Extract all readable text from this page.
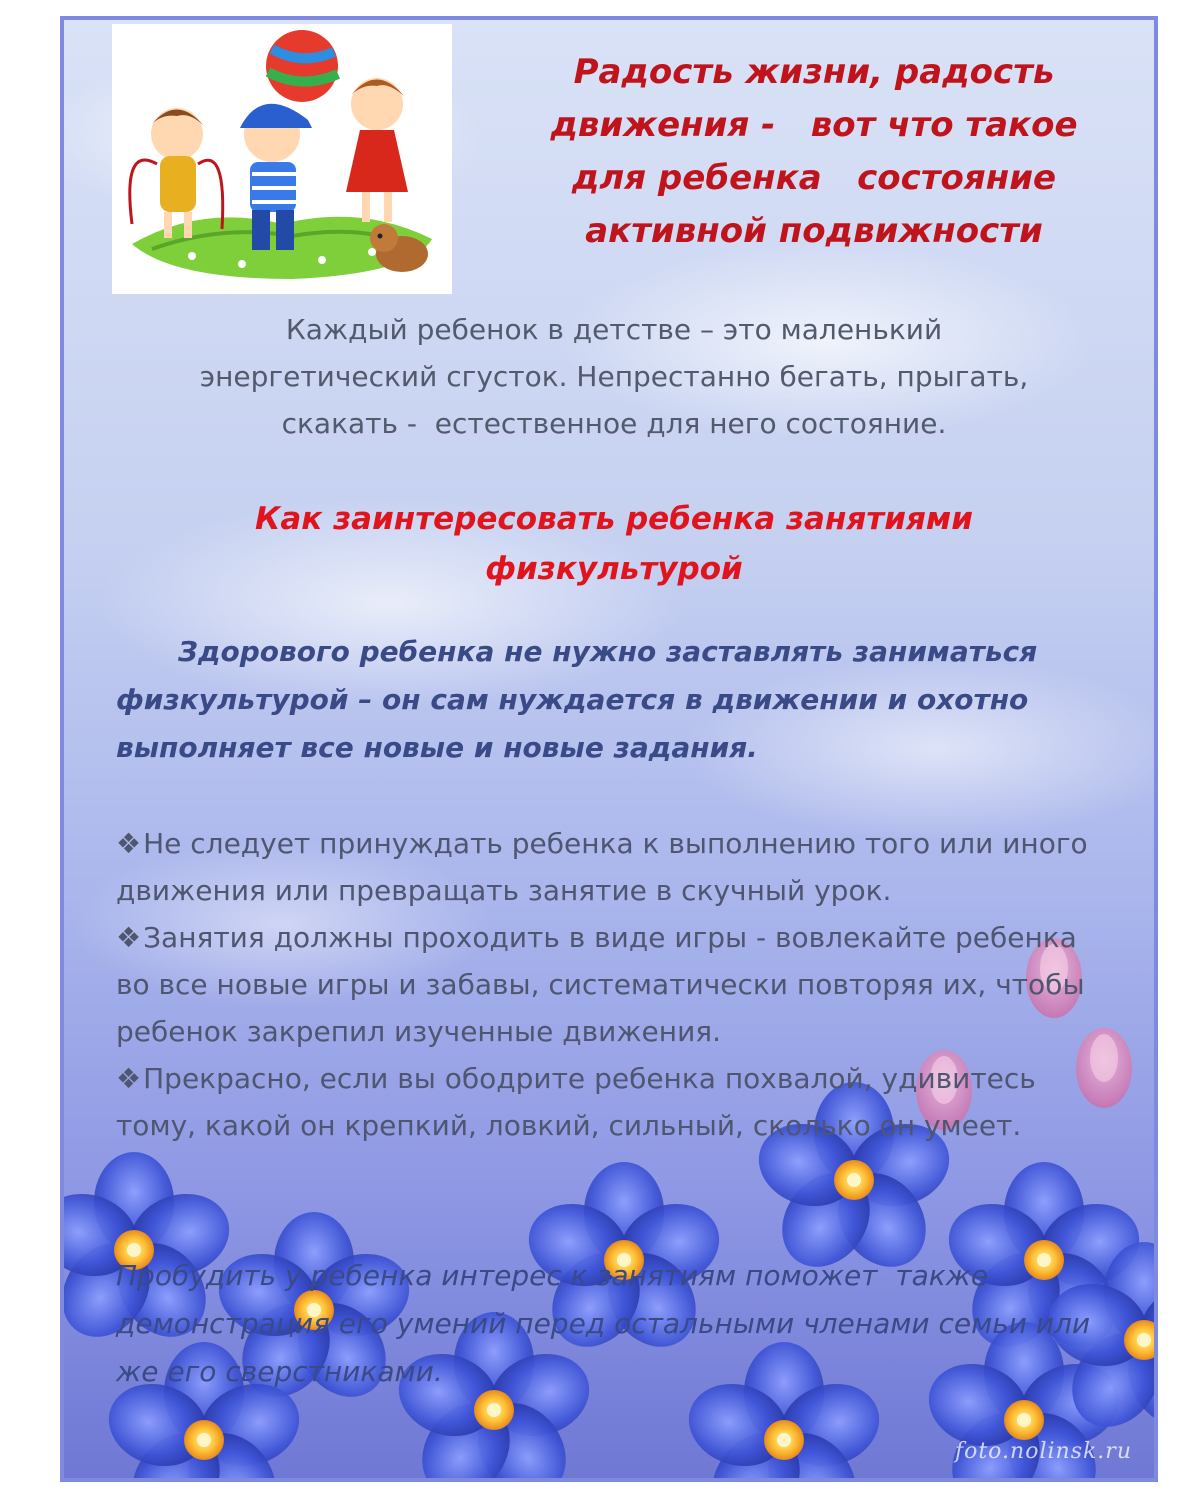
Радость жизни, радость
движения -   вот что такое
для ребенка   состояние
активной подвижности

Каждый ребенок в детстве – это маленький
энергетический сгусток. Непрестанно бегать, прыгать,
скакать -  естественное для него состояние.

Как заинтересовать ребенка занятиями
физкультурой

Здорового ребенка не нужно заставлять заниматься физкультурой – он сам нуждается в движении и охотно выполняет все новые и новые задания.

❖Не следует принуждать ребенка к выполнению того или иного движения или превращать занятие в скучный урок.
❖Занятия должны проходить в виде игры - вовлекайте ребенка во все новые игры и забавы, систематически повторяя их, чтобы ребенок закрепил изученные движения.
❖Прекрасно, если вы ободрите ребенка похвалой, удивитесь тому, какой он крепкий, ловкий, сильный, сколько он умеет.

Пробудить у ребенка интерес к занятиям поможет  также демонстрация его умений перед остальными членами семьи или же его сверстниками.

foto.nolinsk.ru
